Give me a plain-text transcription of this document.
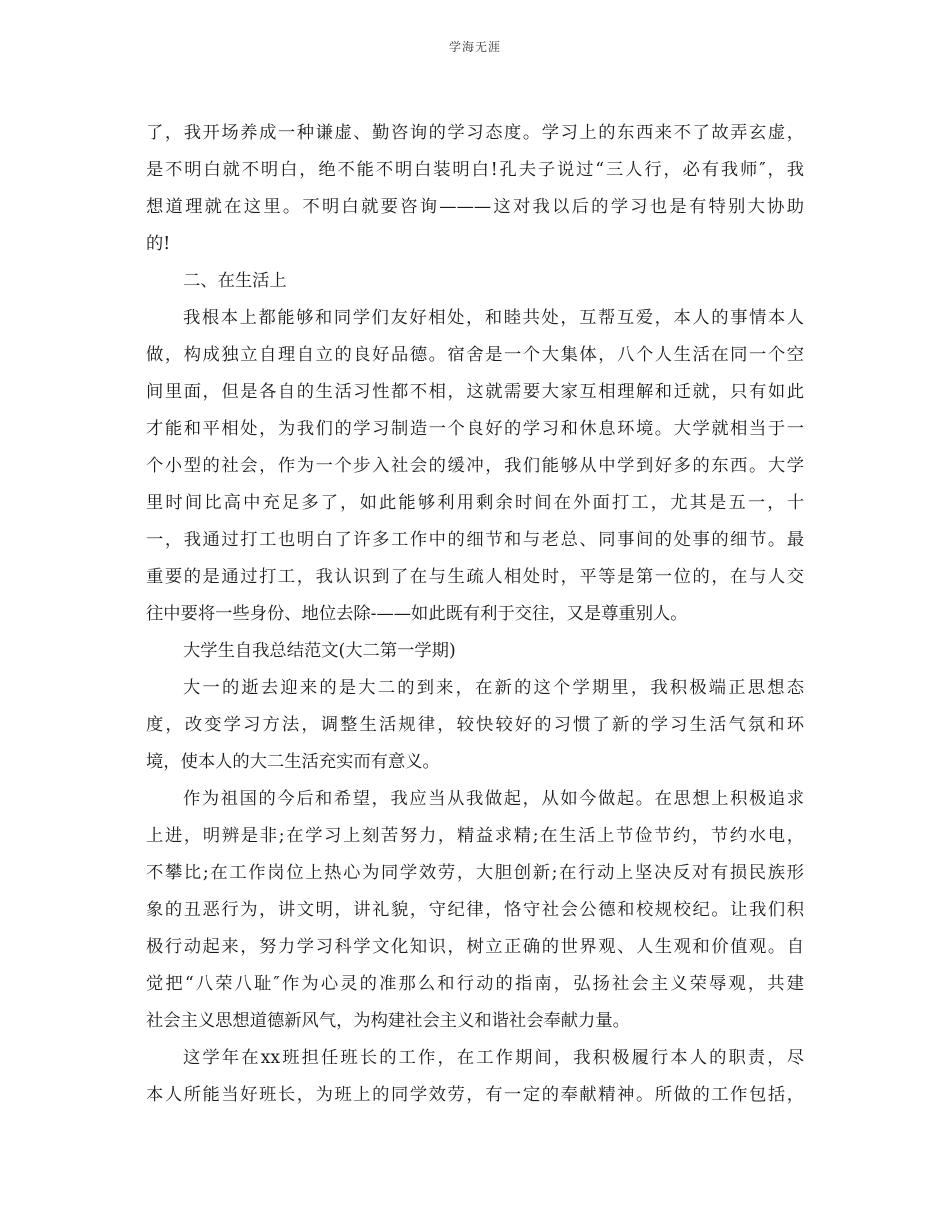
学海无涯
了，我开场养成一种谦虚、勤咨询的学习态度。学习上的东西来不了故弄玄虚，
是不明白就不明白，绝不能不明白装明白!孔夫子说过“三人行，必有我师″，我
想道理就在这里。不明白就要咨询———这对我以后的学习也是有特别大协助
的!
二、在生活上
我根本上都能够和同学们友好相处，和睦共处，互帮互爱，本人的事情本人
做，构成独立自理自立的良好品德。宿舍是一个大集体，八个人生活在同一个空
间里面，但是各自的生活习性都不相，这就需要大家互相理解和迁就，只有如此
才能和平相处，为我们的学习制造一个良好的学习和休息环境。大学就相当于一
个小型的社会，作为一个步入社会的缓冲，我们能够从中学到好多的东西。大学
里时间比高中充足多了，如此能够利用剩余时间在外面打工，尤其是五一，十
一，我通过打工也明白了许多工作中的细节和与老总、同事间的处事的细节。最
重要的是通过打工，我认识到了在与生疏人相处时，平等是第一位的，在与人交
往中要将一些身份、地位去除-——如此既有利于交往，又是尊重别人。
大学生自我总结范文(大二第一学期)
大一的逝去迎来的是大二的到来，在新的这个学期里，我积极端正思想态
度，改变学习方法，调整生活规律，较快较好的习惯了新的学习生活气氛和环
境，使本人的大二生活充实而有意义。
作为祖国的今后和希望，我应当从我做起，从如今做起。在思想上积极追求
上进，明辨是非;在学习上刻苦努力，精益求精;在生活上节俭节约，节约水电，
不攀比;在工作岗位上热心为同学效劳，大胆创新;在行动上坚决反对有损民族形
象的丑恶行为，讲文明，讲礼貌，守纪律，恪守社会公德和校规校纪。让我们积
极行动起来，努力学习科学文化知识，树立正确的世界观、人生观和价值观。自
觉把“八荣八耻″作为心灵的准那么和行动的指南，弘扬社会主义荣辱观，共建
社会主义思想道德新风气，为构建社会主义和谐社会奉献力量。
这学年在xx班担任班长的工作，在工作期间，我积极履行本人的职责，尽
本人所能当好班长，为班上的同学效劳，有一定的奉献精神。所做的工作包括，
